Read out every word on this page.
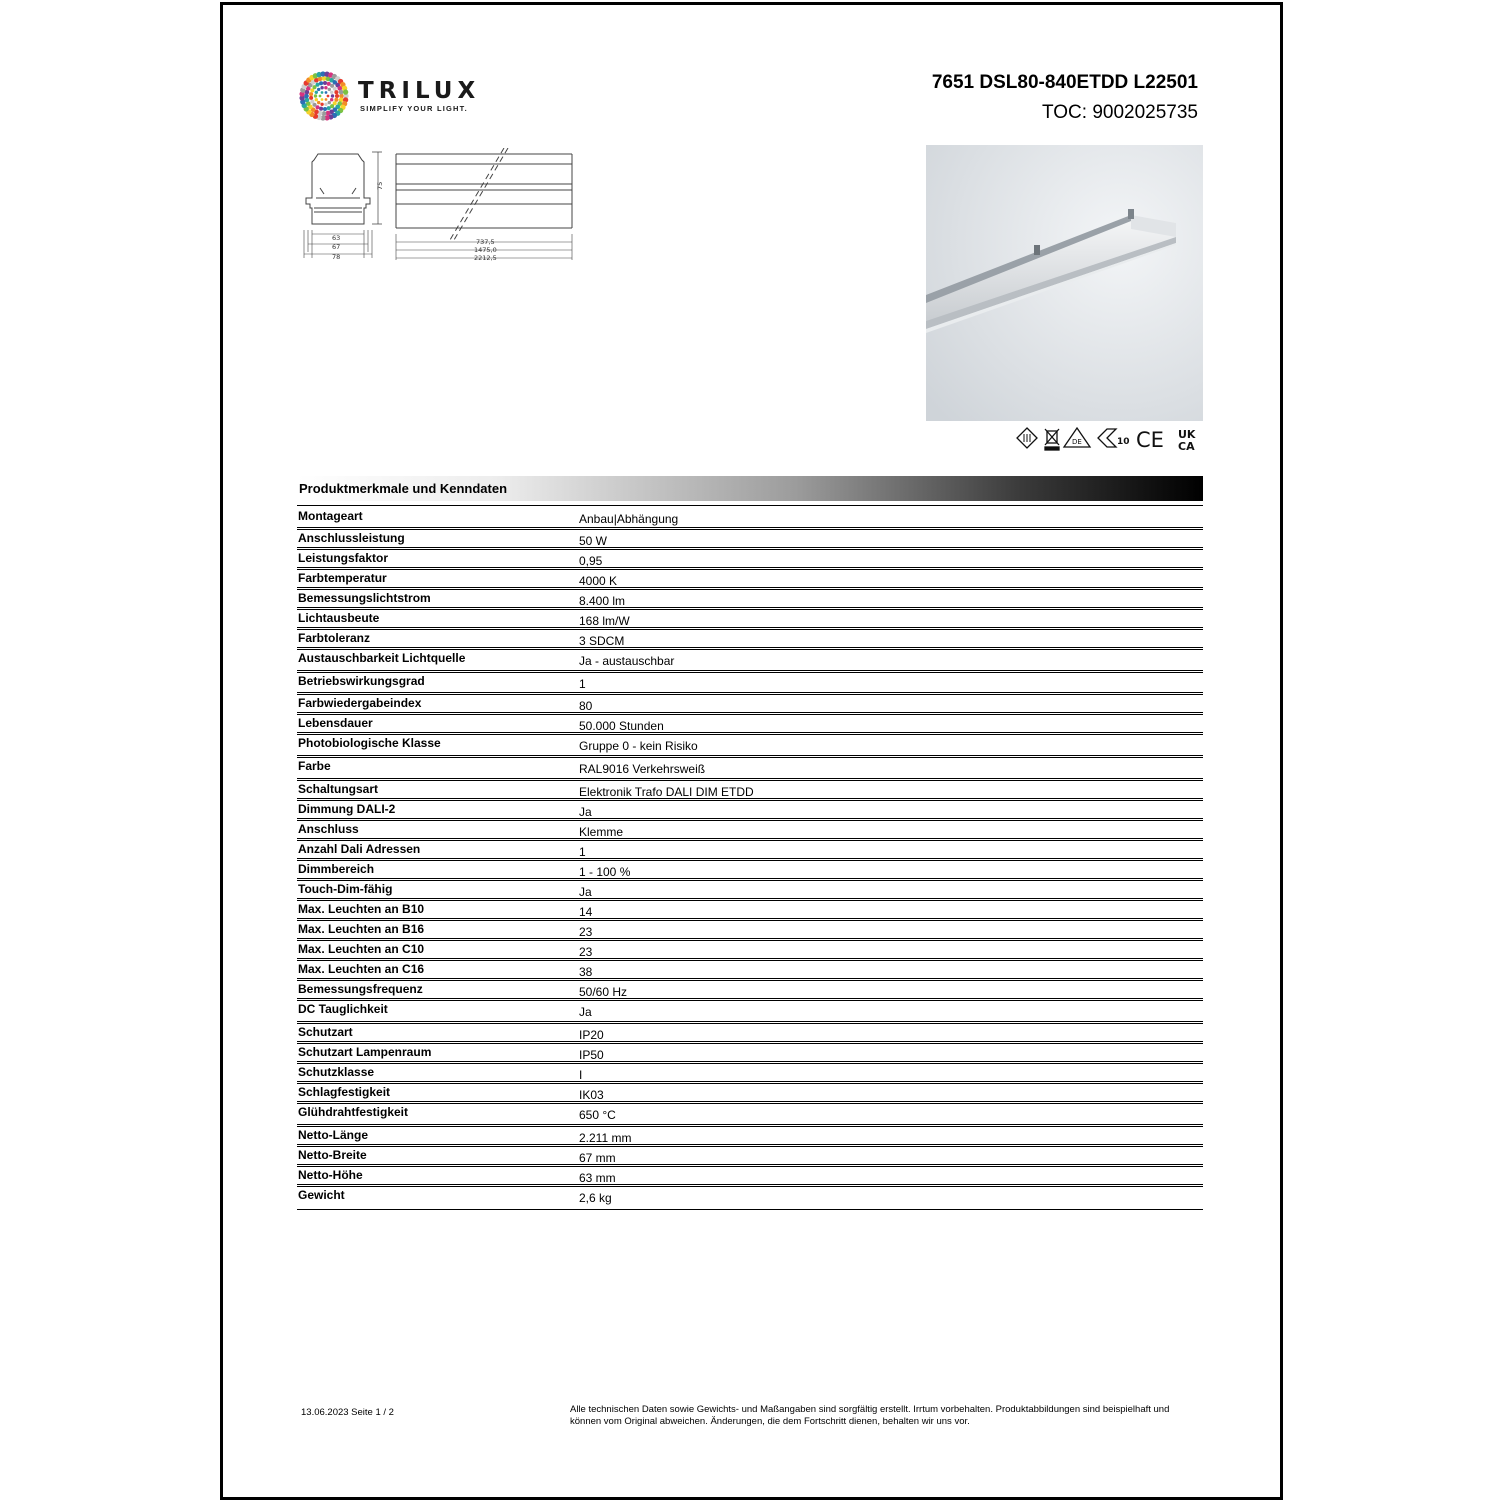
TRILUX
SIMPLIFY YOUR LIGHT.
7651 DSL80-840ETDD L22501
TOC: 9002025735
75
63
67
78
737,5
1475,0
2212,5
DE	10 CE UK
CA
Produktmerkmale und Kenndaten
Montageart	Anbau|Abhängung
Anschlussleistung	50 W
Leistungsfaktor	0,95
Farbtemperatur	4000 K
Bemessungslichtstrom	8.400 lm
Lichtausbeute	168 lm/W
Farbtoleranz	3 SDCM
Austauschbarkeit Lichtquelle	Ja - austauschbar
Betriebswirkungsgrad	1
Farbwiedergabeindex	80
Lebensdauer	50.000 Stunden
Photobiologische Klasse	Gruppe 0 - kein Risiko
Farbe	RAL9016 Verkehrsweiß
Schaltungsart	Elektronik Trafo DALI DIM ETDD
Dimmung DALI-2	Ja
Anschluss	Klemme
Anzahl Dali Adressen	1
Dimmbereich	1 - 100 %
Touch-Dim-fähig	Ja
Max. Leuchten an B10	14
Max. Leuchten an B16	23
Max. Leuchten an C10	23
Max. Leuchten an C16	38
Bemessungsfrequenz	50/60 Hz
DC Tauglichkeit	Ja
Schutzart	IP20
Schutzart Lampenraum	IP50
Schutzklasse	I
Schlagfestigkeit	IK03
Glühdrahtfestigkeit	650 °C
Netto-Länge	2.211 mm
Netto-Breite	67 mm
Netto-Höhe	63 mm
Gewicht	2,6 kg
13.06.2023 Seite 1 / 2	Alle technischen Daten sowie Gewichts- und Maßangaben sind sorgfältig erstellt. Irrtum vorbehalten. Produktabbildungen sind beispielhaft und können vom Original abweichen. Änderungen, die dem Fortschritt dienen, behalten wir uns vor.
